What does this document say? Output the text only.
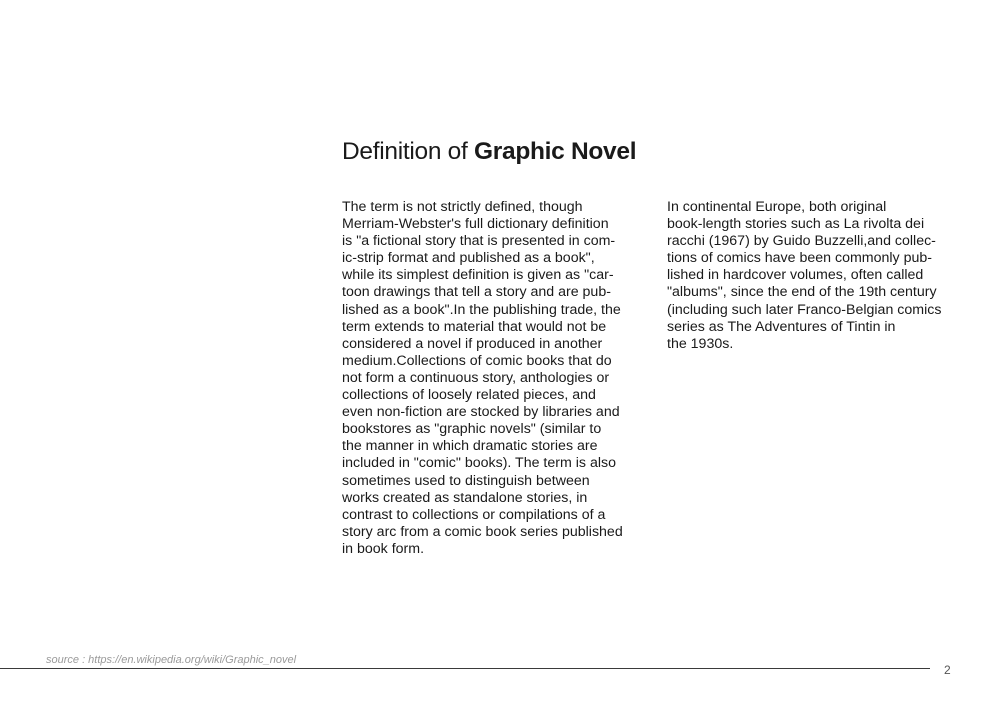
Definition of Graphic Novel
The term is not strictly defined, though
Merriam-Webster's full dictionary definition
is "a fictional story that is presented in com-
ic-strip format and published as a book",
while its simplest definition is given as "car-
toon drawings that tell a story and are pub-
lished as a book".In the publishing trade, the
term extends to material that would not be
considered a novel if produced in another
medium.Collections of comic books that do
not form a continuous story, anthologies or
collections of loosely related pieces, and
even non-fiction are stocked by libraries and
bookstores as "graphic novels" (similar to
the manner in which dramatic stories are
included in "comic" books). The term is also
sometimes used to distinguish between
works created as standalone stories, in
contrast to collections or compilations of a
story arc from a comic book series published
in book form.
In continental Europe, both original
book-length stories such as La rivolta dei
racchi (1967) by Guido Buzzelli,and collec-
tions of comics have been commonly pub-
lished in hardcover volumes, often called
"albums", since the end of the 19th century
(including such later Franco-Belgian comics
series as The Adventures of Tintin in
the 1930s.
source : https://en.wikipedia.org/wiki/Graphic_novel
2
